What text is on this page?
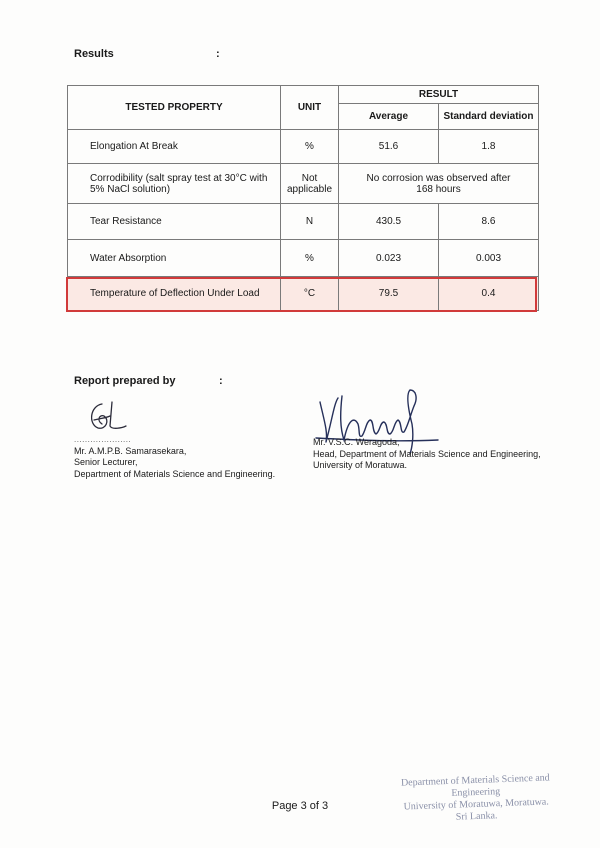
Results	:
TESTED PROPERTY	UNIT	RESULT	
		Average	Standard deviation
Elongation At Break	%	51.6	1.8
Corrodibility (salt spray test at 30°C with 5% NaCl solution)	Not applicable	No corrosion was observed after 168 hours	
Tear Resistance	N	430.5	8.6
Water Absorption	%	0.023	0.003
Temperature of Deflection Under Load	°C	79.5	0.4
Report prepared by	:
.....................
Mr. A.M.P.B. Samarasekara,
Senior Lecturer,
Department of Materials Science and Engineering.
Mr. V.S.C. Weragoda,
Head, Department of Materials Science and Engineering,
University of Moratuwa.
Page 3 of 3
Department of Materials Science and Engineering
University of Moratuwa, Moratuwa.
Sri Lanka.
